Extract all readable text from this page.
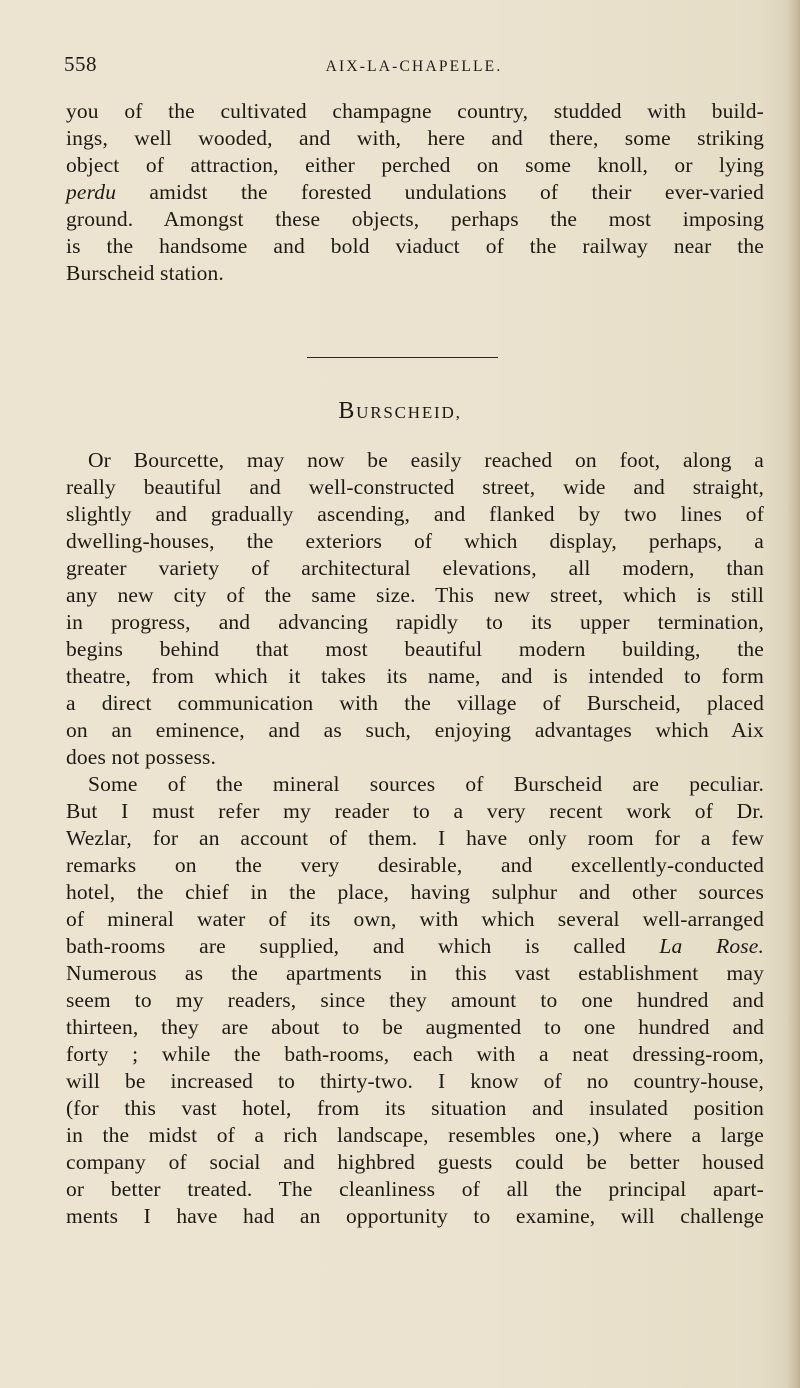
558	AIX-LA-CHAPELLE.
you of the cultivated champagne country, studded with build-
ings, well wooded, and with, here and there, some striking
object of attraction, either perched on some knoll, or lying
perdu amidst the forested undulations of their ever-varied
ground. Amongst these objects, perhaps the most imposing
is the handsome and bold viaduct of the railway near the
Burscheid station.
BURSCHEID,
Or Bourcette, may now be easily reached on foot, along a
really beautiful and well-constructed street, wide and straight,
slightly and gradually ascending, and flanked by two lines of
dwelling-houses, the exteriors of which display, perhaps, a
greater variety of architectural elevations, all modern, than
any new city of the same size. This new street, which is still
in progress, and advancing rapidly to its upper termination,
begins behind that most beautiful modern building, the
theatre, from which it takes its name, and is intended to form
a direct communication with the village of Burscheid, placed
on an eminence, and as such, enjoying advantages which Aix
does not possess.
Some of the mineral sources of Burscheid are peculiar.
But I must refer my reader to a very recent work of Dr.
Wezlar, for an account of them. I have only room for a few
remarks on the very desirable, and excellently-conducted
hotel, the chief in the place, having sulphur and other sources
of mineral water of its own, with which several well-arranged
bath-rooms are supplied, and which is called La Rose.
Numerous as the apartments in this vast establishment may
seem to my readers, since they amount to one hundred and
thirteen, they are about to be augmented to one hundred and
forty ; while the bath-rooms, each with a neat dressing-room,
will be increased to thirty-two. I know of no country-house,
(for this vast hotel, from its situation and insulated position
in the midst of a rich landscape, resembles one,) where a large
company of social and highbred guests could be better housed
or better treated. The cleanliness of all the principal apart-
ments I have had an opportunity to examine, will challenge
